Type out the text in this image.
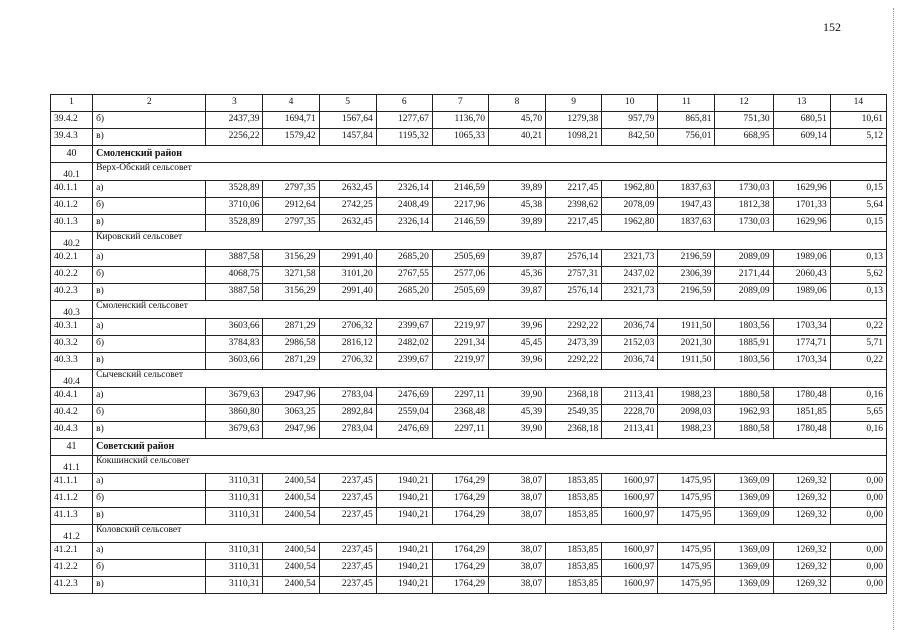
152
1	2	3	4	5	6	7	8	9	10	11	12	13	14
39.4.2	б)	2437,39	1694,71	1567,64	1277,67	1136,70	45,70	1279,38	957,79	865,81	751,30	680,51	10,61
39.4.3	в)	2256,22	1579,42	1457,84	1195,32	1065,33	40,21	1098,21	842,50	756,01	668,95	609,14	5,12
40	Смоленский район												
40.1	Верх-Обский сельсовет												
40.1.1	а)	3528,89	2797,35	2632,45	2326,14	2146,59	39,89	2217,45	1962,80	1837,63	1730,03	1629,96	0,15
40.1.2	б)	3710,06	2912,64	2742,25	2408,49	2217,96	45,38	2398,62	2078,09	1947,43	1812,38	1701,33	5,64
40.1.3	в)	3528,89	2797,35	2632,45	2326,14	2146,59	39,89	2217,45	1962,80	1837,63	1730,03	1629,96	0,15
40.2	Кировский сельсовет												
40.2.1	а)	3887,58	3156,29	2991,40	2685,20	2505,69	39,87	2576,14	2321,73	2196,59	2089,09	1989,06	0,13
40.2.2	б)	4068,75	3271,58	3101,20	2767,55	2577,06	45,36	2757,31	2437,02	2306,39	2171,44	2060,43	5,62
40.2.3	в)	3887,58	3156,29	2991,40	2685,20	2505,69	39,87	2576,14	2321,73	2196,59	2089,09	1989,06	0,13
40.3	Смоленский сельсовет												
40.3.1	а)	3603,66	2871,29	2706,32	2399,67	2219,97	39,96	2292,22	2036,74	1911,50	1803,56	1703,34	0,22
40.3.2	б)	3784,83	2986,58	2816,12	2482,02	2291,34	45,45	2473,39	2152,03	2021,30	1885,91	1774,71	5,71
40.3.3	в)	3603,66	2871,29	2706,32	2399,67	2219,97	39,96	2292,22	2036,74	1911,50	1803,56	1703,34	0,22
40.4	Сычевский сельсовет												
40.4.1	а)	3679,63	2947,96	2783,04	2476,69	2297,11	39,90	2368,18	2113,41	1988,23	1880,58	1780,48	0,16
40.4.2	б)	3860,80	3063,25	2892,84	2559,04	2368,48	45,39	2549,35	2228,70	2098,03	1962,93	1851,85	5,65
40.4.3	в)	3679,63	2947,96	2783,04	2476,69	2297,11	39,90	2368,18	2113,41	1988,23	1880,58	1780,48	0,16
41	Советский район												
41.1	Кокшинский сельсовет												
41.1.1	а)	3110,31	2400,54	2237,45	1940,21	1764,29	38,07	1853,85	1600,97	1475,95	1369,09	1269,32	0,00
41.1.2	б)	3110,31	2400,54	2237,45	1940,21	1764,29	38,07	1853,85	1600,97	1475,95	1369,09	1269,32	0,00
41.1.3	в)	3110,31	2400,54	2237,45	1940,21	1764,29	38,07	1853,85	1600,97	1475,95	1369,09	1269,32	0,00
41.2	Коловский сельсовет												
41.2.1	а)	3110,31	2400,54	2237,45	1940,21	1764,29	38,07	1853,85	1600,97	1475,95	1369,09	1269,32	0,00
41.2.2	б)	3110,31	2400,54	2237,45	1940,21	1764,29	38,07	1853,85	1600,97	1475,95	1369,09	1269,32	0,00
41.2.3	в)	3110,31	2400,54	2237,45	1940,21	1764,29	38,07	1853,85	1600,97	1475,95	1369,09	1269,32	0,00
